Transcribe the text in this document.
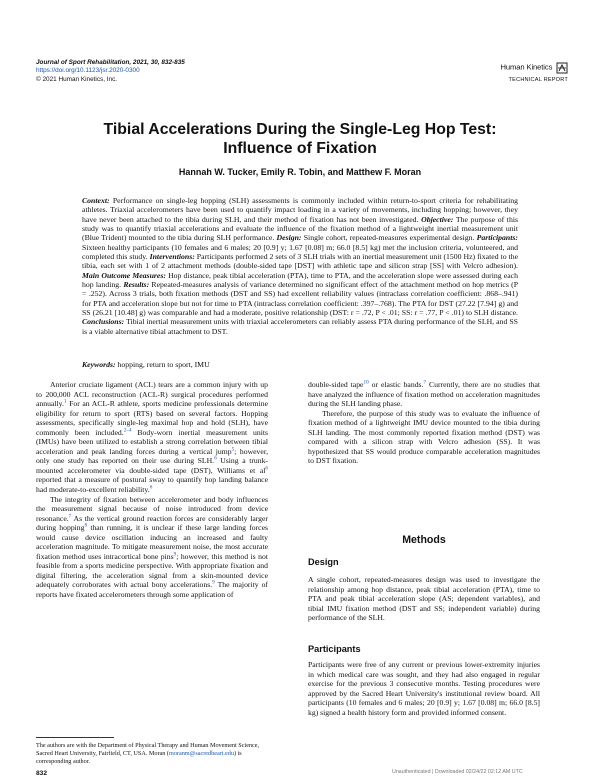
Journal of Sport Rehabilitation, 2021, 30, 832-835
https://doi.org/10.1123/jsr.2020-0300
© 2021 Human Kinetics, Inc.
Human Kinetics
TECHNICAL REPORT
Tibial Accelerations During the Single-Leg Hop Test:
Influence of Fixation
Hannah W. Tucker, Emily R. Tobin, and Matthew F. Moran

Context: Performance on single-leg hopping (SLH) assessments is commonly included within return-to-sport criteria for rehabilitating athletes. Triaxial accelerometers have been used to quantify impact loading in a variety of movements, including hopping; however, they have never been attached to the tibia during SLH, and their method of fixation has not been investigated. Objective: The purpose of this study was to quantify triaxial accelerations and evaluate the influence of the fixation method of a lightweight inertial measurement unit (Blue Trident) mounted to the tibia during SLH performance. Design: Single cohort, repeated-measures experimental design. Participants: Sixteen healthy participants (10 females and 6 males; 20 [0.9] y; 1.67 [0.08] m; 66.0 [8.5] kg) met the inclusion criteria, volunteered, and completed this study. Interventions: Participants performed 2 sets of 3 SLH trials with an inertial measurement unit (1500 Hz) fixated to the tibia, each set with 1 of 2 attachment methods (double-sided tape [DST] with athletic tape and silicon strap [SS] with Velcro adhesion). Main Outcome Measures: Hop distance, peak tibial acceleration (PTA), time to PTA, and the acceleration slope were assessed during each hop landing. Results: Repeated-measures analysis of variance determined no significant effect of the attachment method on hop metrics (P = .252). Across 3 trials, both fixation methods (DST and SS) had excellent reliability values (intraclass correlation coefficient: .868–.941) for PTA and acceleration slope but not for time to PTA (intraclass correlation coefficient: .397–.768). The PTA for DST (27.22 [7.94] g) and SS (26.21 [10.48] g) was comparable and had a moderate, positive relationship (DST: r = .72, P < .01; SS: r = .77, P < .01) to SLH distance. Conclusions: Tibial inertial measurement units with triaxial accelerometers can reliably assess PTA during performance of the SLH, and SS is a viable alternative tibial attachment to DST.

Keywords: hopping, return to sport, IMU

Anterior cruciate ligament (ACL) tears are a common injury with up to 200,000 ACL reconstruction (ACL-R) surgical procedures performed annually.$^1$ For an ACL-R athlete, sports medicine professionals determine eligibility for return to sport (RTS) based on several factors. Hopping assessments, specifically single-leg maximal hop and hold (SLH), have commonly been included.$^{2-4}$ Body-worn inertial measurement units (IMUs) have been utilized to establish a strong correlation between tibial acceleration and peak landing forces during a vertical jump$^5$; however, only one study has reported on their use during SLH.$^6$ Using a trunk-mounted accelerometer via double-sided tape (DST), Williams et al$^6$ reported that a measure of postural sway to quantify hop landing balance had moderate-to-excellent reliability.$^6$

The integrity of fixation between accelerometer and body influences the measurement signal because of noise introduced from device resonance.$^7$ As the vertical ground reaction forces are considerably larger during hopping$^8$ than running, it is unclear if these large landing forces would cause device oscillation inducing an increased and faulty acceleration magnitude. To mitigate measurement noise, the most accurate fixation method uses intracortical bone pins$^9$; however, this method is not feasible from a sports medicine perspective. With appropriate fixation and digital filtering, the acceleration signal from a skin-mounted device adequately corroborates with actual bony accelerations.$^9$ The majority of reports have fixated accelerometers through some application of

double-sided tape$^{10}$ or elastic bands.$^7$ Currently, there are no studies that have analyzed the influence of fixation method on acceleration magnitudes during the SLH landing phase.

Therefore, the purpose of this study was to evaluate the influence of fixation method of a lightweight IMU device mounted to the tibia during SLH landing. The most commonly reported fixation method (DST) was compared with a silicon strap with Velcro adhesion (SS). It was hypothesized that SS would produce comparable acceleration magnitudes to DST fixation.

Methods
Design

A single cohort, repeated-measures design was used to investigate the relationship among hop distance, peak tibial acceleration (PTA), time to PTA and peak tibial acceleration slope (AS; dependent variables), and tibial IMU fixation method (DST and SS; independent variable) during performance of the SLH.

Participants

Participants were free of any current or previous lower-extremity injuries in which medical care was sought, and they had also engaged in regular exercise for the previous 3 consecutive months. Testing procedures were approved by the Sacred Heart University's institutional review board. All participants (10 females and 6 males; 20 [0.9] y; 1.67 [0.08] m; 66.0 [8.5] kg) signed a health history form and provided informed consent.

The authors are with the Department of Physical Therapy and Human Movement Science, Sacred Heart University, Fairfield, CT, USA. Moran (moranm@sacredheart.edu) is corresponding author.

832	Unauthenticated | Downloaded 02/24/22 02:12 AM UTC
